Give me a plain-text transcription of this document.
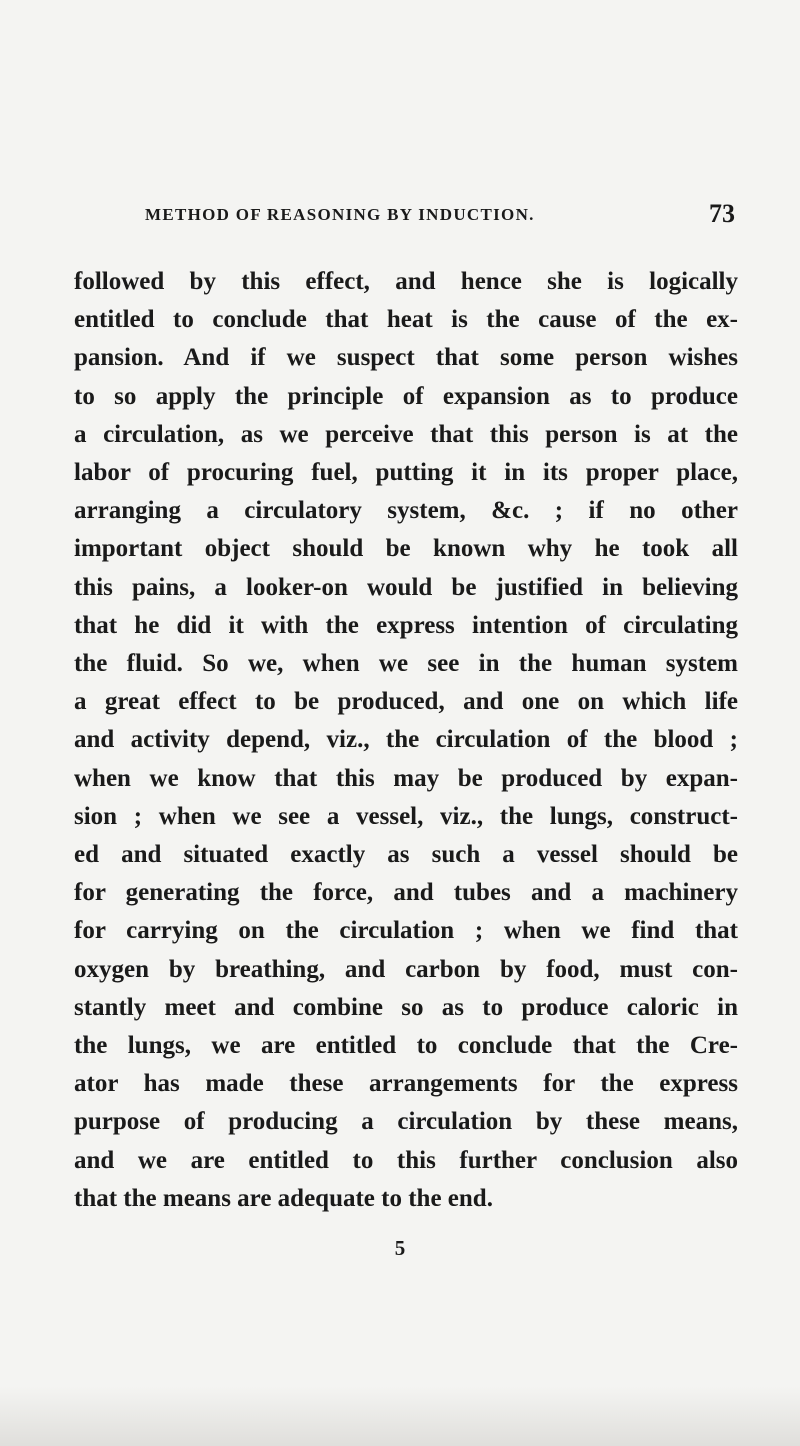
METHOD OF REASONING BY INDUCTION.	73
followed by this effect, and hence she is logically
entitled to conclude that heat is the cause of the ex-
pansion. And if we suspect that some person wishes
to so apply the principle of expansion as to produce
a circulation, as we perceive that this person is at the
labor of procuring fuel, putting it in its proper place,
arranging a circulatory system, &c. ; if no other
important object should be known why he took all
this pains, a looker-on would be justified in believing
that he did it with the express intention of circulating
the fluid. So we, when we see in the human system
a great effect to be produced, and one on which life
and activity depend, viz., the circulation of the blood ;
when we know that this may be produced by expan-
sion ; when we see a vessel, viz., the lungs, construct-
ed and situated exactly as such a vessel should be
for generating the force, and tubes and a machinery
for carrying on the circulation ; when we find that
oxygen by breathing, and carbon by food, must con-
stantly meet and combine so as to produce caloric in
the lungs, we are entitled to conclude that the Cre-
ator has made these arrangements for the express
purpose of producing a circulation by these means,
and we are entitled to this further conclusion also
that the means are adequate to the end.
5
